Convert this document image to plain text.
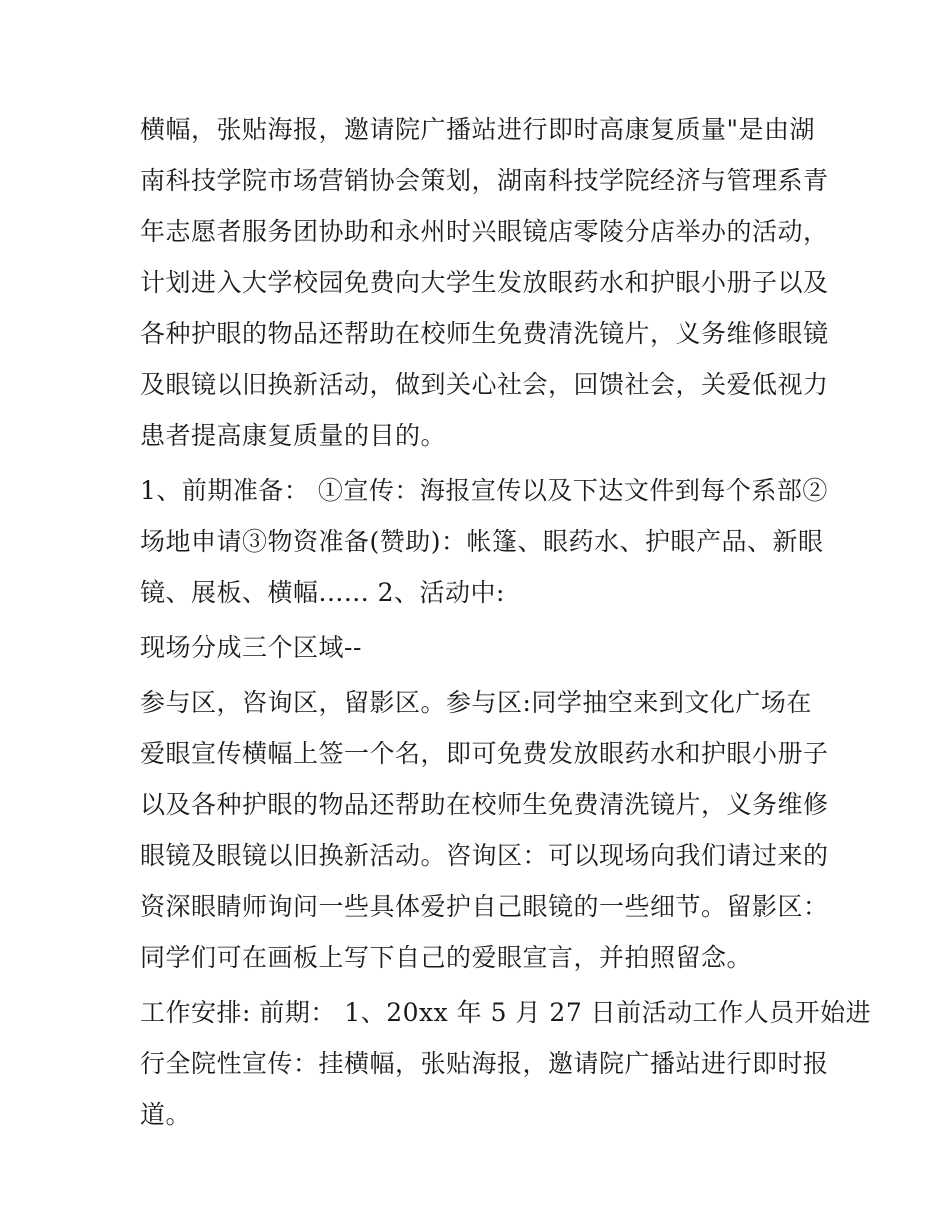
横幅，张贴海报，邀请院广播站进行即时高康复质量"是由湖
南科技学院市场营销协会策划，湖南科技学院经济与管理系青
年志愿者服务团协助和永州时兴眼镜店零陵分店举办的活动，
计划进入大学校园免费向大学生发放眼药水和护眼小册子以及
各种护眼的物品还帮助在校师生免费清洗镜片，义务维修眼镜
及眼镜以旧换新活动，做到关心社会，回馈社会，关爱低视力
患者提高康复质量的目的。
1、前期准备： ①宣传：海报宣传以及下达文件到每个系部②
场地申请③物资准备(赞助)：帐篷、眼药水、护眼产品、新眼
镜、展板、横幅...... 2、活动中:
现场分成三个区域--
参与区，咨询区，留影区。参与区:同学抽空来到文化广场在
爱眼宣传横幅上签一个名，即可免费发放眼药水和护眼小册子
以及各种护眼的物品还帮助在校师生免费清洗镜片，义务维修
眼镜及眼镜以旧换新活动。咨询区：可以现场向我们请过来的
资深眼睛师询问一些具体爱护自己眼镜的一些细节。留影区：
同学们可在画板上写下自己的爱眼宣言，并拍照留念。
工作安排: 前期： 1、20xx 年 5 月 27 日前活动工作人员开始进
行全院性宣传：挂横幅，张贴海报，邀请院广播站进行即时报
道。
